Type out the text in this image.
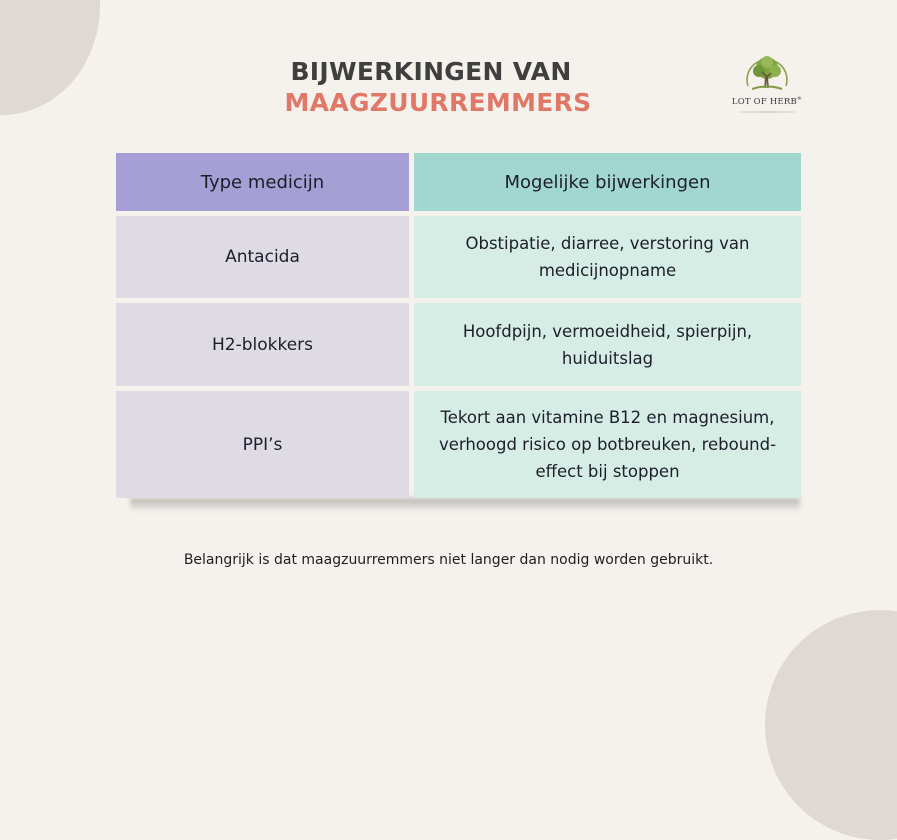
BIJWERKINGEN VAN
MAAGZUURREMMERS	LOT OF HERB®
Type medicijn	Mogelijke bijwerkingen
Antacida
Obstipatie, diarree, verstoring van medicijnopname
H2-blokkers
Hoofdpijn, vermoeidheid, spierpijn, huiduitslag
PPI’s
Tekort aan vitamine B12 en magnesium, verhoogd risico op botbreuken, rebound-effect bij stoppen
Belangrijk is dat maagzuurremmers niet langer dan nodig worden gebruikt.
